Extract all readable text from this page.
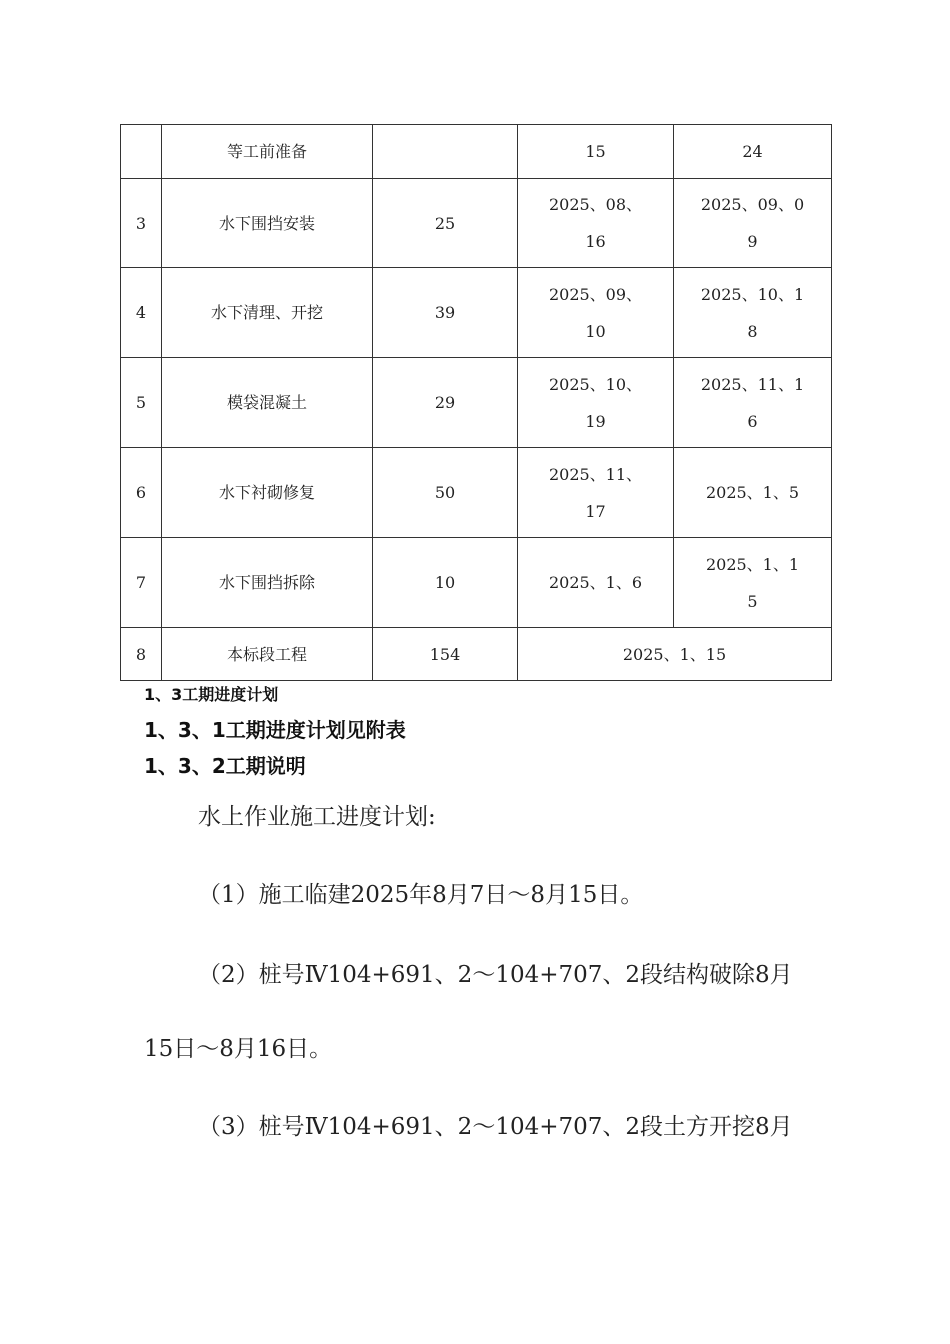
	等工前准备		15	24
3	水下围挡安装	25	2025、08、16	2025、09、09
4	水下清理、开挖	39	2025、09、10	2025、10、18
5	模袋混凝土	29	2025、10、19	2025、11、16
6	水下衬砌修复	50	2025、11、17	2025、1、5
7	水下围挡拆除	10	2025、1、6	2025、1、15
8	本标段工程	154	2025、1、15	
1、3工期进度计划
1、3、1工期进度计划见附表
1、3、2工期说明
水上作业施工进度计划:
（1）施工临建2025年8月7日～8月15日。
（2）桩号Ⅳ104+691、2～104+707、2段结构破除8月
15日～8月16日。
（3）桩号Ⅳ104+691、2～104+707、2段土方开挖8月
